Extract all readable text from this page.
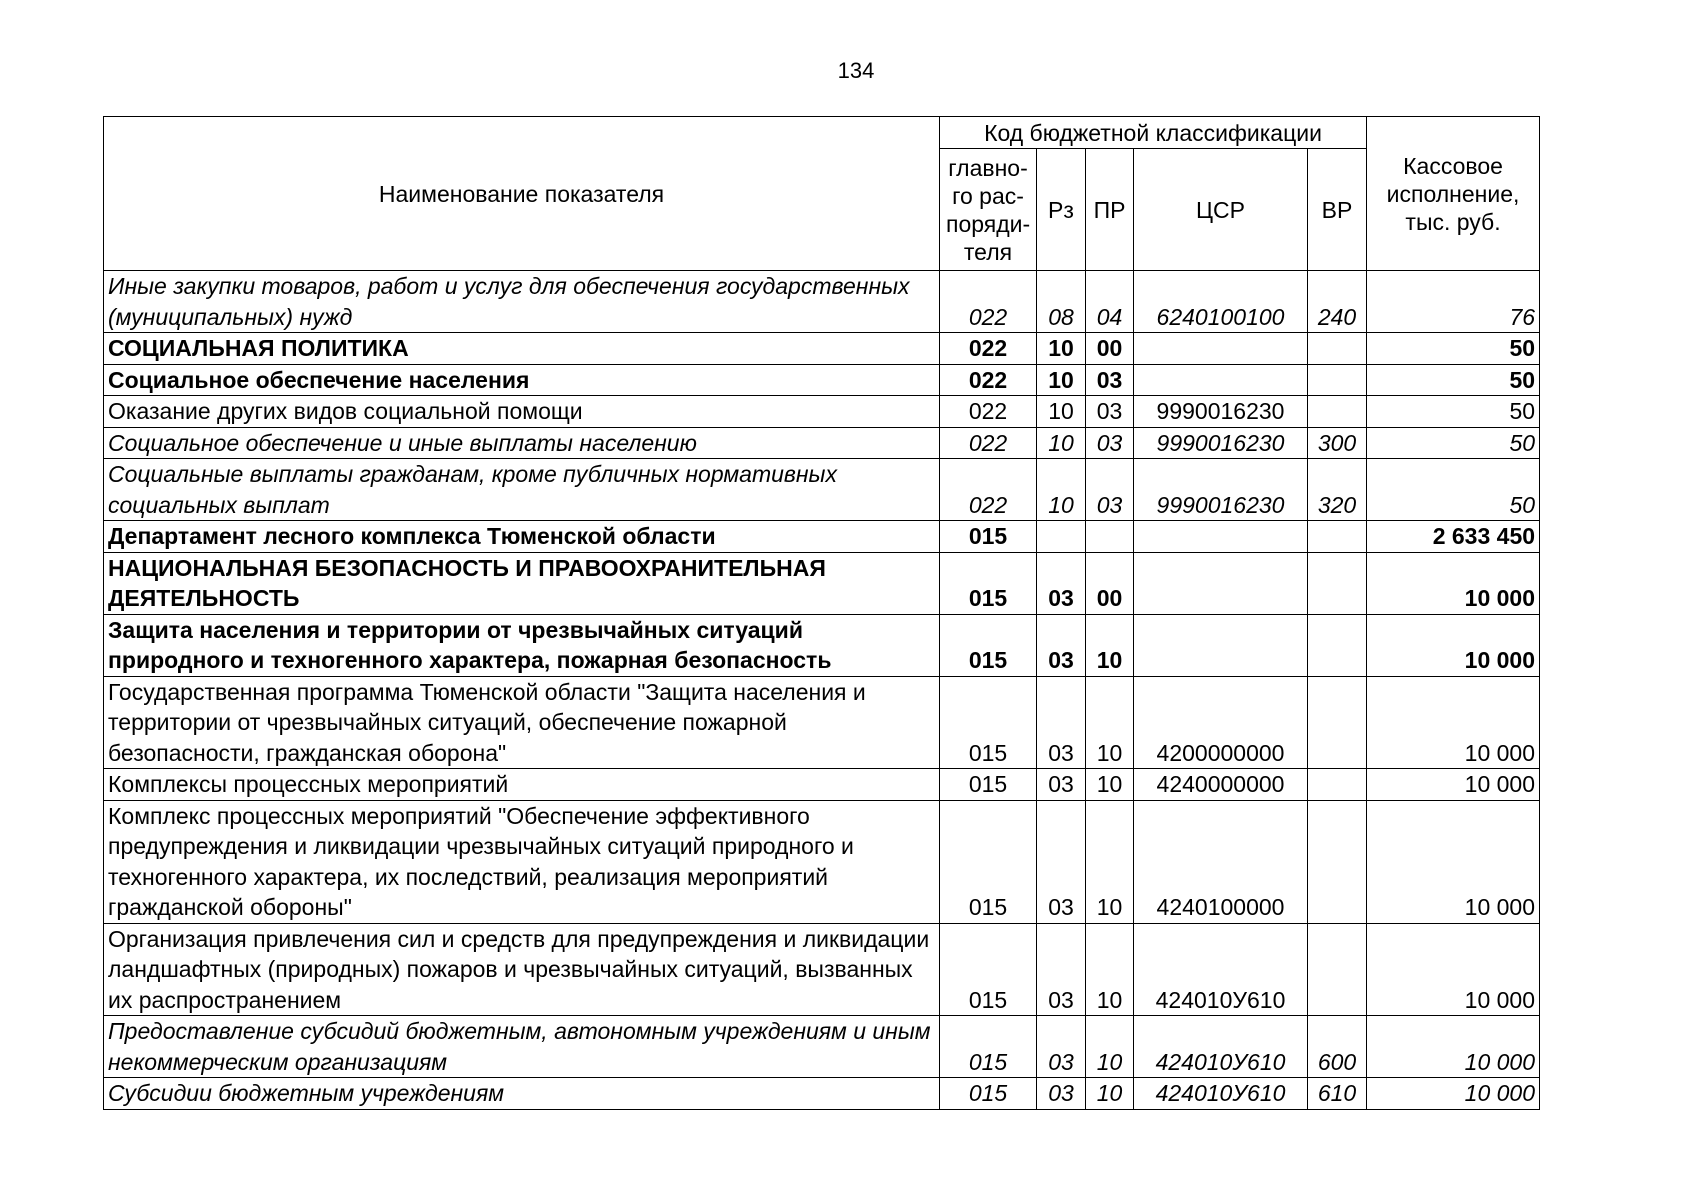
134
Наименование показателя	Код бюджетной классификации					Кассовое исполнение, тыс. руб.
	главно- го рас- поряди- теля	Рз	ПР	ЦСР	ВР	
Иные закупки товаров, работ и услуг для обеспечения государственных (муниципальных) нужд	022	08	04	6240100100	240	76
СОЦИАЛЬНАЯ ПОЛИТИКА	022	10	00			50
Социальное обеспечение населения	022	10	03			50
Оказание других видов социальной помощи	022	10	03	9990016230		50
Социальное обеспечение и иные выплаты населению	022	10	03	9990016230	300	50
Социальные выплаты гражданам, кроме публичных нормативных социальных выплат	022	10	03	9990016230	320	50
Департамент лесного комплекса Тюменской области	015					2 633 450
НАЦИОНАЛЬНАЯ БЕЗОПАСНОСТЬ И ПРАВООХРАНИТЕЛЬНАЯ ДЕЯТЕЛЬНОСТЬ	015	03	00			10 000
Защита населения и территории от чрезвычайных ситуаций природного и техногенного характера, пожарная безопасность	015	03	10			10 000
Государственная программа Тюменской области "Защита населения и территории от чрезвычайных ситуаций, обеспечение пожарной безопасности, гражданская оборона"	015	03	10	4200000000		10 000
Комплексы процессных мероприятий	015	03	10	4240000000		10 000
Комплекс процессных мероприятий "Обеспечение эффективного предупреждения и ликвидации чрезвычайных ситуаций природного и техногенного характера, их последствий, реализация мероприятий гражданской обороны"	015	03	10	4240100000		10 000
Организация привлечения сил и средств для предупреждения и ликвидации ландшафтных (природных) пожаров и чрезвычайных ситуаций, вызванных их распространением	015	03	10	424010У610		10 000
Предоставление субсидий бюджетным, автономным учреждениям и иным некоммерческим организациям	015	03	10	424010У610	600	10 000
Субсидии бюджетным учреждениям	015	03	10	424010У610	610	10 000
